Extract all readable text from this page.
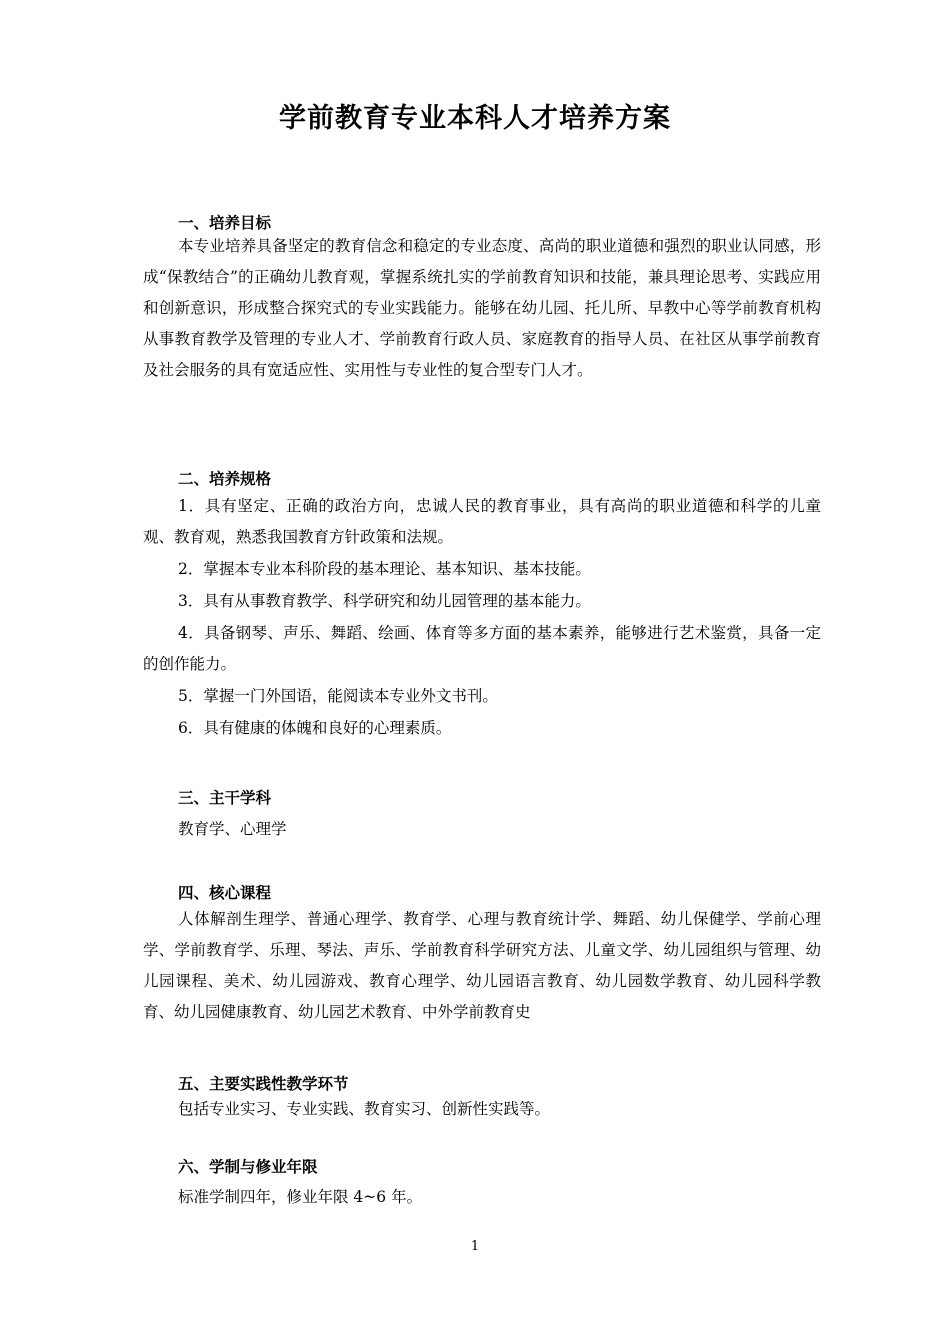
学前教育专业本科人才培养方案
一、培养目标

本专业培养具备坚定的教育信念和稳定的专业态度、高尚的职业道德和强烈的职业认同感，形成“保教结合”的正确幼儿教育观，掌握系统扎实的学前教育知识和技能，兼具理论思考、实践应用和创新意识，形成整合探究式的专业实践能力。能够在幼儿园、托儿所、早教中心等学前教育机构从事教育教学及管理的专业人才、学前教育行政人员、家庭教育的指导人员、在社区从事学前教育及社会服务的具有宽适应性、实用性与专业性的复合型专门人才。

二、培养规格

1．具有坚定、正确的政治方向，忠诚人民的教育事业，具有高尚的职业道德和科学的儿童观、教育观，熟悉我国教育方针政策和法规。

2．掌握本专业本科阶段的基本理论、基本知识、基本技能。

3．具有从事教育教学、科学研究和幼儿园管理的基本能力。

4．具备钢琴、声乐、舞蹈、绘画、体育等多方面的基本素养，能够进行艺术鉴赏，具备一定的创作能力。

5．掌握一门外国语，能阅读本专业外文书刊。

6．具有健康的体魄和良好的心理素质。

三、主干学科
教育学、心理学
四、核心课程

人体解剖生理学、普通心理学、教育学、心理与教育统计学、舞蹈、幼儿保健学、学前心理学、学前教育学、乐理、琴法、声乐、学前教育科学研究方法、儿童文学、幼儿园组织与管理、幼儿园课程、美术、幼儿园游戏、教育心理学、幼儿园语言教育、幼儿园数学教育、幼儿园科学教育、幼儿园健康教育、幼儿园艺术教育、中外学前教育史

五、主要实践性教学环节
包括专业实习、专业实践、教育实习、创新性实践等。
六、学制与修业年限
标准学制四年，修业年限 4~6 年。
1
